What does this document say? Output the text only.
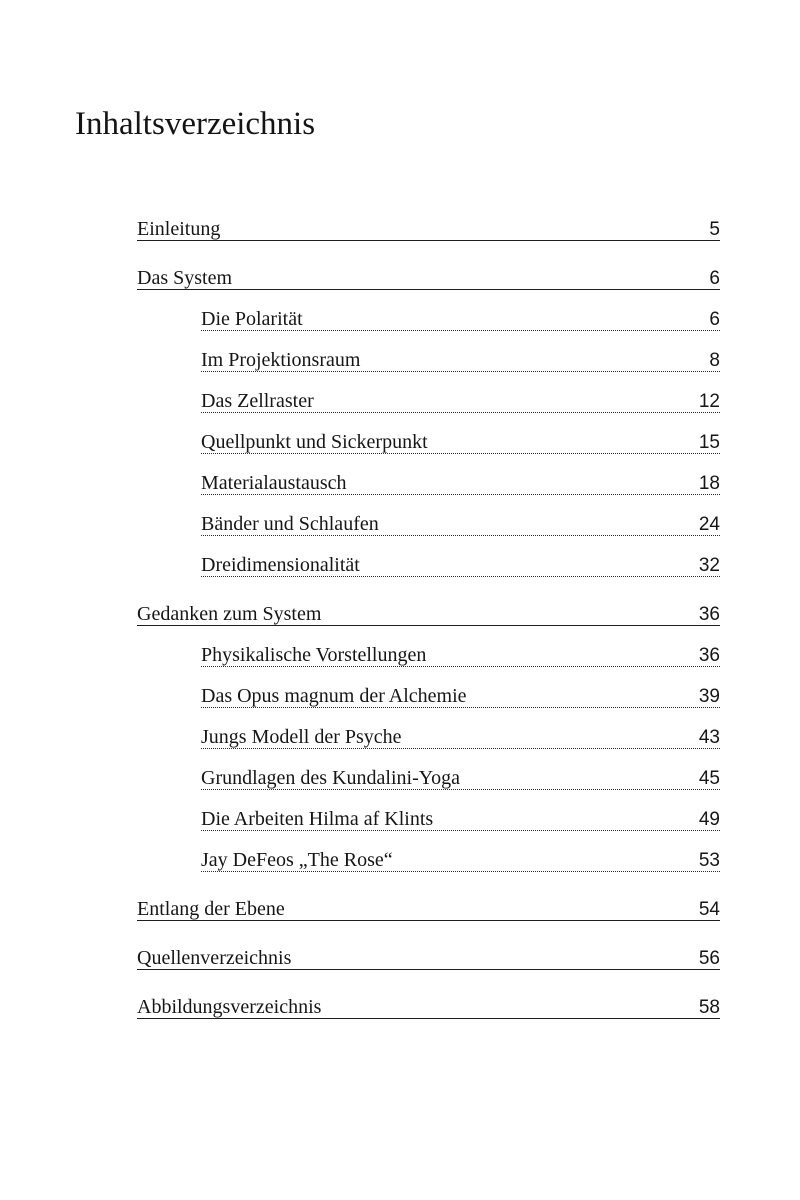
Inhaltsverzeichnis
Einleitung	5
Das System	6
Die Polarität	6
Im Projektionsraum	8
Das Zellraster	12
Quellpunkt und Sickerpunkt	15
Materialaustausch	18
Bänder und Schlaufen	24
Dreidimensionalität	32
Gedanken zum System	36
Physikalische Vorstellungen	36
Das Opus magnum der Alchemie	39
Jungs Modell der Psyche	43
Grundlagen des Kundalini-Yoga	45
Die Arbeiten Hilma af Klints	49
Jay DeFeos „The Rose“	53
Entlang der Ebene	54
Quellenverzeichnis	56
Abbildungsverzeichnis	58
